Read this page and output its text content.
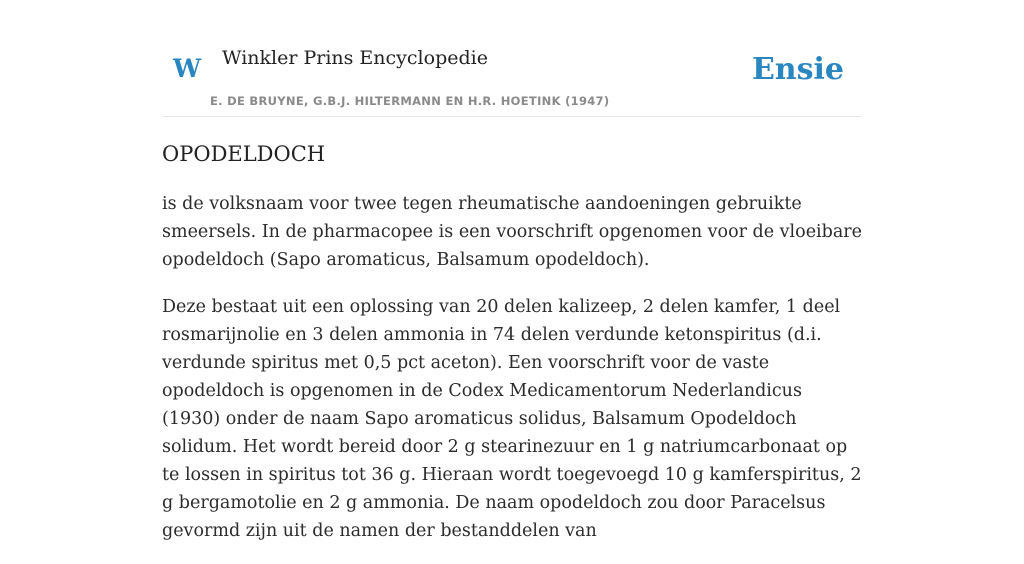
W Winkler Prins Encyclopedie
E. DE BRUYNE, G.B.J. HILTERMANN EN H.R. HOETINK (1947)
Ensie
OPODELDOCH

is de volksnaam voor twee tegen rheumatische aandoeningen gebruikte smeersels. In de pharmacopee is een voorschrift opgenomen voor de vloeibare opodeldoch (Sapo aromaticus, Balsamum opodeldoch).

Deze bestaat uit een oplossing van 20 delen kalizeep, 2 delen kamfer, 1 deel rosmarijnolie en 3 delen ammonia in 74 delen verdunde ketonspiritus (d.i. verdunde spiritus met 0,5 pct aceton). Een voorschrift voor de vaste opodeldoch is opgenomen in de Codex Medicamentorum Nederlandicus (1930) onder de naam Sapo aromaticus solidus, Balsamum Opodeldoch solidum. Het wordt bereid door 2 g stearinezuur en 1 g natriumcarbonaat op te lossen in spiritus tot 36 g. Hieraan wordt toegevoegd 10 g kamferspiritus, 2 g bergamotolie en 2 g ammonia. De naam opodeldoch zou door Paracelsus gevormd zijn uit de namen der bestanddelen van
